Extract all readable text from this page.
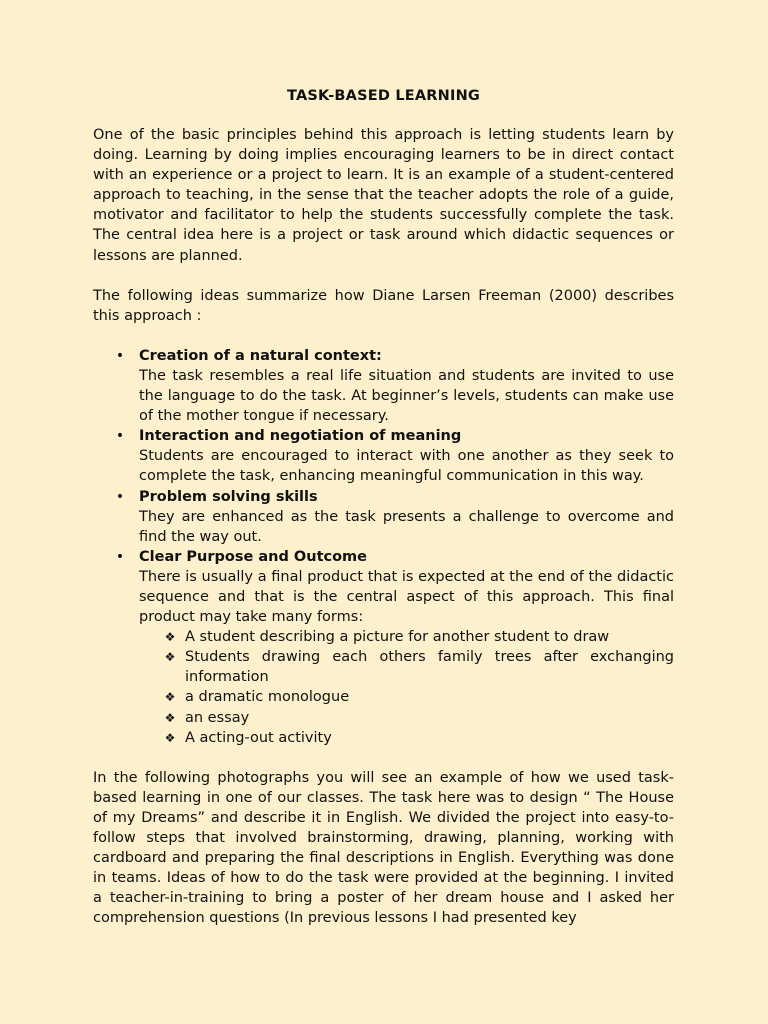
TASK-BASED LEARNING

One of the basic principles behind this approach is letting students learn by doing. Learning by doing implies encouraging learners to be in direct contact with an experience or a project to learn. It is an example of a student-centered approach to teaching, in the sense that the teacher adopts the role of a guide, motivator and facilitator to help the students successfully complete the task. The central idea here is a project or task around which didactic sequences or lessons are planned.

The following ideas summarize how Diane Larsen Freeman (2000) describes this approach :

• Creation of a natural context:
The task resembles a real life situation and students are invited to use the language to do the task. At beginner’s levels, students can make use of the mother tongue if necessary.
• Interaction and negotiation of meaning
Students are encouraged to interact with one another as they seek to complete the task, enhancing meaningful communication in this way.
• Problem solving skills
They are enhanced as the task presents a challenge to overcome and find the way out.
• Clear Purpose and Outcome
There is usually a final product that is expected at the end of the didactic sequence and that is the central aspect of this approach. This final product may take many forms:
❖ A student describing a picture for another student to draw
❖ Students drawing each others family trees after exchanging information
❖ a dramatic monologue
❖ an essay
❖ A acting-out activity

In the following photographs you will see an example of how we used task-based learning in one of our classes. The task here was to design “ The House of my Dreams” and describe it in English. We divided the project into easy-to-follow steps that involved brainstorming, drawing, planning, working with cardboard and preparing the final descriptions in English. Everything was done in teams. Ideas of how to do the task were provided at the beginning. I invited a teacher-in-training to bring a poster of her dream house and I asked her comprehension questions (In previous lessons I had presented key
